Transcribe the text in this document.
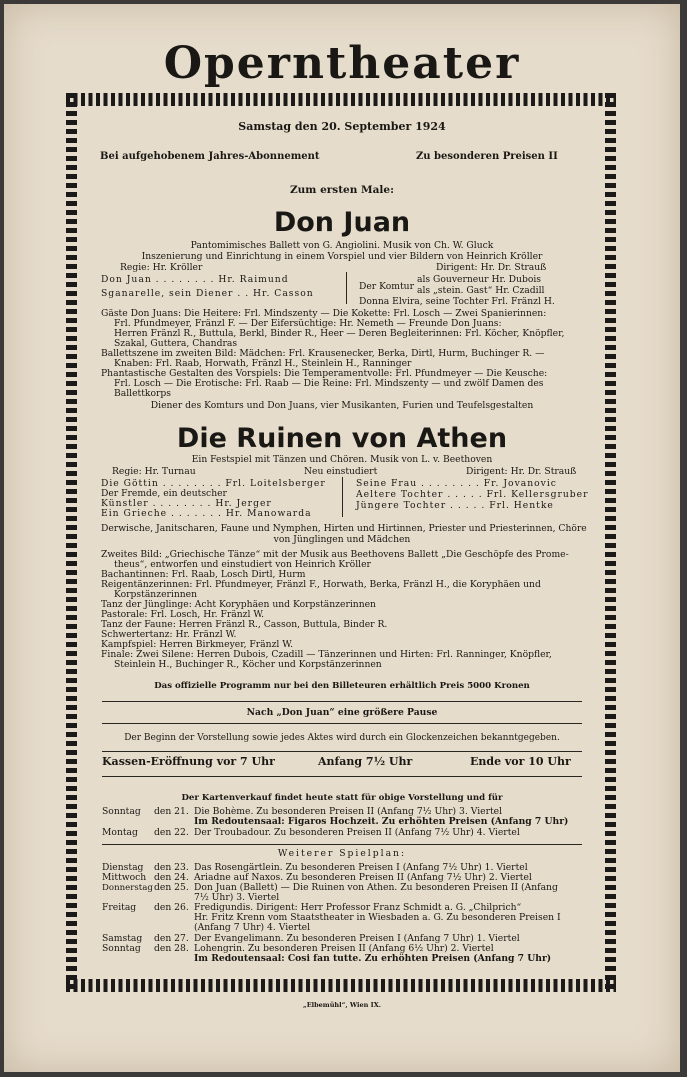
Operntheater
Samstag den 20. September 1924
Bei aufgehobenem Jahres-Abonnement	Zu besonderen Preisen II
Zum ersten Male:
Don Juan
Pantomimisches Ballett von G. Angiolini. Musik von Ch. W. Gluck
Inszenierung und Einrichtung in einem Vorspiel und vier Bildern von Heinrich Kröller
Regie: Hr. Kröller	Dirigent: Hr. Dr. Strauß
Don Juan . . . . . . . . Hr. Raimund
Sganarelle, sein Diener . . Hr. Casson
Der Komtur
als Gouverneur Hr. Dubois
als „stein. Gast“ Hr. Czadill
Donna Elvira, seine Tochter Frl. Fränzl H.
Gäste Don Juans: Die Heitere: Frl. Mindszenty — Die Kokette: Frl. Losch — Zwei Spanierinnen:
Frl. Pfundmeyer, Fränzl F. — Der Eifersüchtige: Hr. Nemeth — Freunde Don Juans:
Herren Fränzl R., Buttula, Berkl, Binder R., Heer — Deren Begleiterinnen: Frl. Köcher, Knöpfler,
Szakal, Guttera, Chandras
Ballettszene im zweiten Bild: Mädchen: Frl. Krausenecker, Berka, Dirtl, Hurm, Buchinger R. —
Knaben: Frl. Raab, Horwath, Fränzl H., Steinlein H., Ranninger
Phantastische Gestalten des Vorspiels: Die Temperamentvolle: Frl. Pfundmeyer — Die Keusche:
Frl. Losch — Die Erotische: Frl. Raab — Die Reine: Frl. Mindszenty — und zwölf Damen des
Ballettkorps
Diener des Komturs und Don Juans, vier Musikanten, Furien und Teufelsgestalten
Die Ruinen von Athen
Ein Festspiel mit Tänzen und Chören. Musik von L. v. Beethoven
Regie: Hr. Turnau	Neu einstudiert	Dirigent: Hr. Dr. Strauß
Die Göttin . . . . . . . . Frl. Loitelsberger
Der Fremde, ein deutscher
Künstler . . . . . . . . Hr. Jerger
Ein Grieche . . . . . . . Hr. Manowarda
Seine Frau . . . . . . . . Fr. Jovanovic
Aeltere Tochter . . . . . Frl. Kellersgruber
Jüngere Tochter . . . . . Frl. Hentke
Derwische, Janitscharen, Faune und Nymphen, Hirten und Hirtinnen, Priester und Priesterinnen, Chöre
von Jünglingen und Mädchen
Zweites Bild: „Griechische Tänze“ mit der Musik aus Beethovens Ballett „Die Geschöpfe des Prome-
theus“, entworfen und einstudiert von Heinrich Kröller
Bachantinnen: Frl. Raab, Losch Dirtl, Hurm
Reigentänzerinnen: Frl. Pfundmeyer, Fränzl F., Horwath, Berka, Fränzl H., die Koryphäen und
Korpstänzerinnen
Tanz der Jünglinge: Acht Koryphäen und Korpstänzerinnen
Pastorale: Frl. Losch, Hr. Fränzl W.
Tanz der Faune: Herren Fränzl R., Casson, Buttula, Binder R.
Schwertertanz: Hr. Fränzl W.
Kampfspiel: Herren Birkmeyer, Fränzl W.
Finale: Zwei Silene: Herren Dubois, Czadill — Tänzerinnen und Hirten: Frl. Ranninger, Knöpfler,
Steinlein H., Buchinger R., Köcher und Korpstänzerinnen
Das offizielle Programm nur bei den Billeteuren erhältlich Preis 5000 Kronen
Nach „Don Juan“ eine größere Pause
Der Beginn der Vorstellung sowie jedes Aktes wird durch ein Glockenzeichen bekanntgegeben.
Kassen-Eröffnung vor 7 Uhr	Anfang 7½ Uhr	Ende vor 10 Uhr
Der Kartenverkauf findet heute statt für obige Vorstellung und für
Sonntag den 21. Die Bohème. Zu besonderen Preisen II (Anfang 7½ Uhr) 3. Viertel
Im Redoutensaal: Figaros Hochzeit. Zu erhöhten Preisen (Anfang 7 Uhr)
Montag den 22. Der Troubadour. Zu besonderen Preisen II (Anfang 7½ Uhr) 4. Viertel
Weiterer Spielplan:
Dienstag den 23. Das Rosengärtlein. Zu besonderen Preisen I (Anfang 7½ Uhr) 1. Viertel
Mittwoch den 24. Ariadne auf Naxos. Zu besonderen Preisen II (Anfang 7½ Uhr) 2. Viertel
Donnerstag den 25. Don Juan (Ballett) — Die Ruinen von Athen. Zu besonderen Preisen II (Anfang
7½ Uhr) 3. Viertel
Freitag den 26. Fredigundis. Dirigent: Herr Professor Franz Schmidt a. G. „Chilprich“
Hr. Fritz Krenn vom Staatstheater in Wiesbaden a. G. Zu besonderen Preisen I
(Anfang 7 Uhr) 4. Viertel
Samstag den 27. Der Evangelimann. Zu besonderen Preisen I (Anfang 7 Uhr) 1. Viertel
Sonntag den 28. Lohengrin. Zu besonderen Preisen II (Anfang 6½ Uhr) 2. Viertel
Im Redoutensaal: Cosi fan tutte. Zu erhöhten Preisen (Anfang 7 Uhr)
„Elbemühl“, Wien IX.
